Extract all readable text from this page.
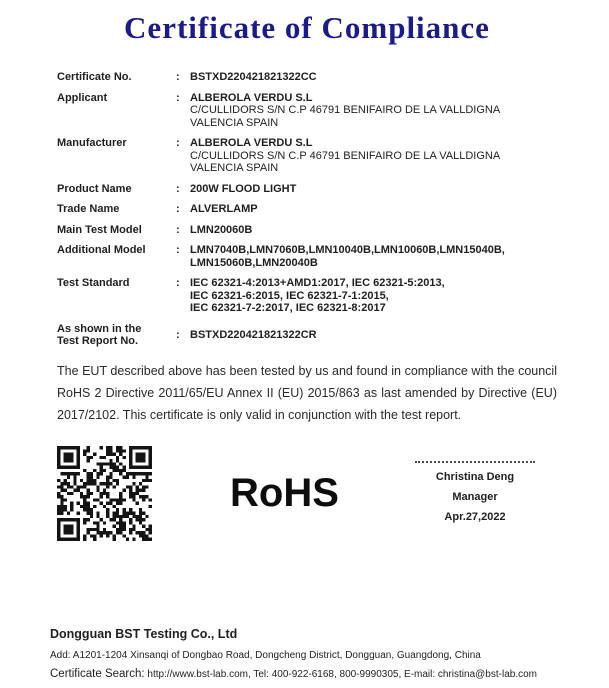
Certificate of Compliance
Certificate No.	: BSTXD220421821322CC
Applicant	: ALBEROLA VERDU S.L
C/CULLIDORS S/N C.P 46791 BENIFAIRO DE LA VALLDIGNA
VALENCIA SPAIN
Manufacturer	: ALBEROLA VERDU S.L
C/CULLIDORS S/N C.P 46791 BENIFAIRO DE LA VALLDIGNA
VALENCIA SPAIN
Product Name	: 200W FLOOD LIGHT
Trade Name	: ALVERLAMP
Main Test Model	: LMN20060B
Additional Model	: LMN7040B,LMN7060B,LMN10040B,LMN10060B,LMN15040B,
LMN15060B,LMN20040B
Test Standard	: IEC 62321-4:2013+AMD1:2017, IEC 62321-5:2013,
IEC 62321-6:2015, IEC 62321-7-1:2015,
IEC 62321-7-2:2017, IEC 62321-8:2017
As shown in the
Test Report No.
: BSTXD220421821322CR

The EUT described above has been tested by us and found in compliance with the council RoHS 2 Directive 2011/65/EU Annex II (EU) 2015/863 as last amended by Directive (EU) 2017/2102. This certificate is only valid in conjunction with the test report.

RoHS	Christina Deng
Manager
Apr.27,2022
Dongguan BST Testing Co., Ltd
Add: A1201-1204 Xinsanqi of Dongbao Road, Dongcheng District, Dongguan, Guangdong, China
Certificate Search: http://www.bst-lab.com, Tel: 400-922-6168, 800-9990305, E-mail: christina@bst-lab.com
